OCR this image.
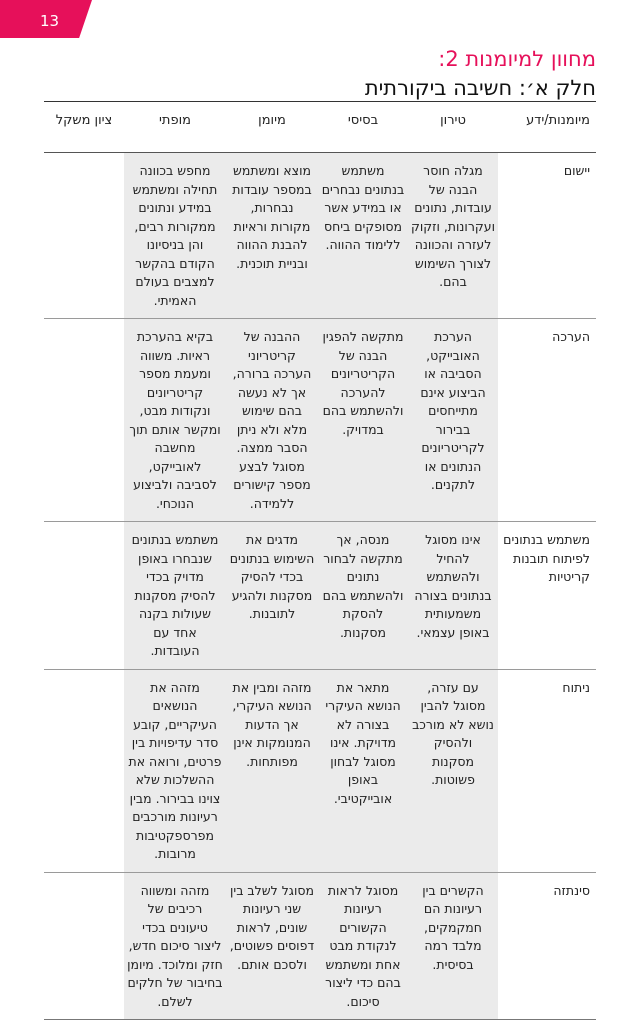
13
מחוון למיומנות 2:
חלק א׳: חשיבה ביקורתית
מיומנות/ידע	טירון	בסיסי	מיומן	מופתי	ציון משקל
יישום	מגלה חוסר הבנה של עובדות, נתונים ועקרונות, וזקוק לעזרה והכוונה לצורך השימוש בהם.	משתמש בנתונים נבחרים או במידע אשר מסופקים ביחס ללימוד ההווה.	מוצא ומשתמש במספר עובדות נבחרות, מקורות וראיות להבנת ההווה ובניית תוכנית.	מחפש בכוונה תחילה ומשתמש במידע ונתונים ממקורות רבים, והן בניסיונו הקודם בהקשר למצבים בעולם האמיתי.	
הערכה	הערכת האובייקט, הסביבה או הביצוע אינם מתייחסים בבירור לקריטריונים הנתונים או לתקנים.	מתקשה להפגין הבנה של הקריטריונים להערכה ולהשתמש בהם במדויק.	ההבנה של קריטריוני הערכה ברורה, אך לא נעשה בהם שימוש מלא ולא ניתן הסבר ממצה. מסוגל לבצע מספר קישורים ללמידה.	בקיא בהערכת ראיות. משווה ומעמת מספר קריטריונים ונקודות מבט, ומקשר אותם תוך מחשבה לאובייקט, לסביבה ולביצוע הנוכחי.	
משתמש בנתונים לפיתוח תובנות קריטיות	אינו מסוגל להחיל ולהשתמש בנתונים בצורה משמעותית באופן עצמאי.	מנסה, אך מתקשה לבחור נתונים ולהשתמש בהם להסקת מסקנות.	מדגים את השימוש בנתונים בכדי להסיק מסקנות ולהגיע לתובנות.	משתמש בנתונים שנבחרו באופן מדויק בכדי להסיק מסקנות שעולות בקנה אחד עם העובדות.	
ניתוח	עם עזרה, מסוגל להבין נושא לא מורכב ולהסיק מסקנות פשוטות.	מתאר את הנושא העיקרי בצורה לא מדויקת. אינו מסוגל לבחון באופן אובייקטיבי.	מזהה ומבין את הנושא העיקרי, אך הדעות המנומקות אינן מפותחות.	מזהה את הנושאים העיקריים, קובע סדר עדיפויות בין פרטים, ורואה את ההשלכות שלא צוינו בבירור. מבין רעיונות מורכבים מפרספקטיבות מרובות.	
סינתזה	הקשרים בין רעיונות הם חמקמקים, מלבד רמה בסיסית.	מסוגל לראות רעיונות הקשורים לנקודת מבט אחת ומשתמש בהם כדי ליצור סיכום.	מסוגל לשלב בין שני רעיונות שונים, לראות דפוסים פשוטים, ולסכם אותם.	מזהה ומשווה רכיבים של טיעונים בכדי ליצור סיכום חדש, חזק ומלוכד. מיומן בחיבור של חלקים לשלם.	
